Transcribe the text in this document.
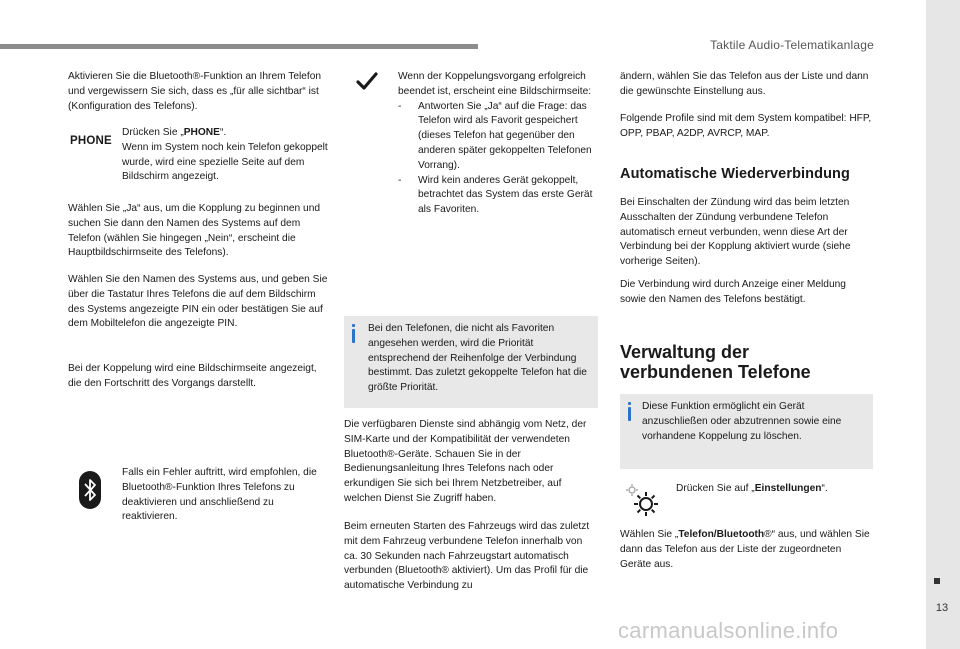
Taktile Audio-Telematikanlage
13
carmanualsonline.info
Aktivieren Sie die Bluetooth®-Funktion an Ihrem Telefon und vergewissern Sie sich, dass es „für alle sichtbar“ ist (Konfiguration des Telefons).
PHONE
Drücken Sie „PHONE“.
Wenn im System noch kein Telefon gekoppelt wurde, wird eine spezielle Seite auf dem Bildschirm angezeigt.
Wählen Sie „Ja“ aus, um die Kopplung zu beginnen und suchen Sie dann den Namen des Systems auf dem Telefon (wählen Sie hingegen „Nein“, erscheint die Hauptbildschirmseite des Telefons).
Wählen Sie den Namen des Systems aus, und geben Sie über die Tastatur Ihres Telefons die auf dem Bildschirm des Systems angezeigte PIN ein oder bestätigen Sie auf dem Mobiltelefon die angezeigte PIN.
Bei der Koppelung wird eine Bildschirmseite angezeigt, die den Fortschritt des Vorgangs darstellt.
Falls ein Fehler auftritt, wird empfohlen, die Bluetooth®-Funktion Ihres Telefons zu deaktivieren und anschließend zu reaktivieren.
Wenn der Koppelungsvorgang erfolgreich beendet ist, erscheint eine Bildschirmseite:
- Antworten Sie „Ja“ auf die Frage: das Telefon wird als Favorit gespeichert (dieses Telefon hat gegenüber den anderen später gekoppelten Telefonen Vorrang).
- Wird kein anderes Gerät gekoppelt, betrachtet das System das erste Gerät als Favoriten.
Bei den Telefonen, die nicht als Favoriten angesehen werden, wird die Priorität entsprechend der Reihenfolge der Verbindung bestimmt. Das zuletzt gekoppelte Telefon hat die größte Priorität.
Die verfügbaren Dienste sind abhängig vom Netz, der SIM-Karte und der Kompatibilität der verwendeten Bluetooth®-Geräte. Schauen Sie in der Bedienungsanleitung Ihres Telefons nach oder erkundigen Sie sich bei Ihrem Netzbetreiber, auf welchen Dienst Sie Zugriff haben.
Beim erneuten Starten des Fahrzeugs wird das zuletzt mit dem Fahrzeug verbundene Telefon innerhalb von ca. 30 Sekunden nach Fahrzeugstart automatisch verbunden (Bluetooth® aktiviert). Um das Profil für die automatische Verbindung zu
ändern, wählen Sie das Telefon aus der Liste und dann die gewünschte Einstellung aus.
Folgende Profile sind mit dem System kompatibel: HFP, OPP, PBAP, A2DP, AVRCP, MAP.
Automatische Wiederverbindung
Bei Einschalten der Zündung wird das beim letzten Ausschalten der Zündung verbundene Telefon automatisch erneut verbunden, wenn diese Art der Verbindung bei der Kopplung aktiviert wurde (siehe vorherige Seiten).
Die Verbindung wird durch Anzeige einer Meldung sowie den Namen des Telefons bestätigt.
Verwaltung der
verbundenen Telefone
Diese Funktion ermöglicht ein Gerät anzuschließen oder abzutrennen sowie eine vorhandene Koppelung zu löschen.
Drücken Sie auf „Einstellungen“.
Wählen Sie „Telefon/Bluetooth®“ aus, und wählen Sie dann das Telefon aus der Liste der zugeordneten Geräte aus.
